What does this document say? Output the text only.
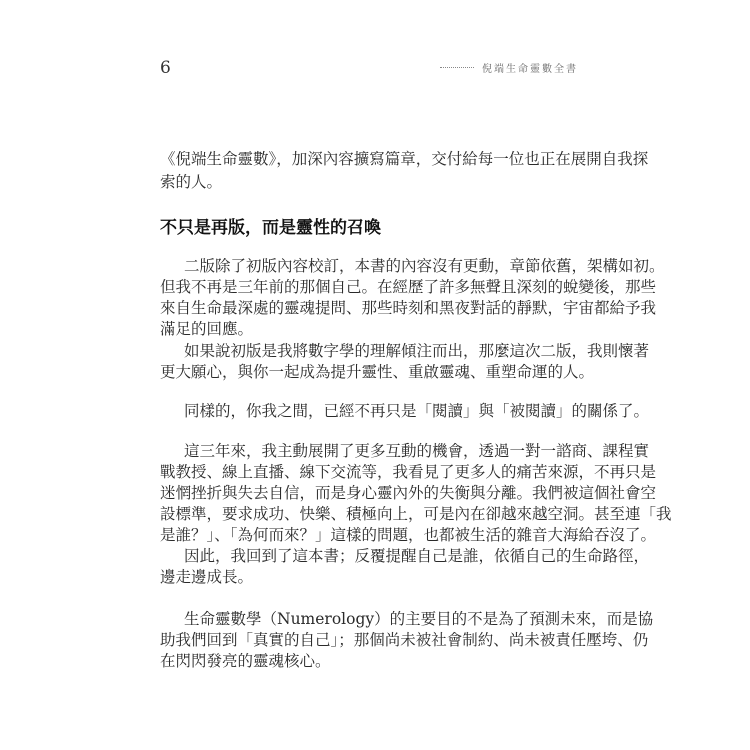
6	倪端生命靈數全書
《倪端生命靈數》，加深內容擴寫篇章，交付給每一位也正在展開自我探
索的人。
不只是再版，而是靈性的召喚
二版除了初版內容校訂，本書的內容沒有更動，章節依舊，架構如初。
但我不再是三年前的那個自己。在經歷了許多無聲且深刻的蛻變後，那些
來自生命最深處的靈魂提問、那些時刻和黑夜對話的靜默，宇宙都給予我
滿足的回應。
如果說初版是我將數字學的理解傾注而出，那麼這次二版，我則懷著
更大願心，與你一起成為提升靈性、重啟靈魂、重塑命運的人。
同樣的，你我之間，已經不再只是「閱讀」與「被閱讀」的關係了。
這三年來，我主動展開了更多互動的機會，透過一對一諮商、課程實
戰教授、線上直播、線下交流等，我看見了更多人的痛苦來源，不再只是
迷惘挫折與失去自信，而是身心靈內外的失衡與分離。我們被這個社會空
設標準，要求成功、快樂、積極向上，可是內在卻越來越空洞。甚至連「我
是誰？」、「為何而來？」這樣的問題，也都被生活的雜音大海給吞沒了。
因此，我回到了這本書；反覆提醒自己是誰，依循自己的生命路徑，
邊走邊成長。
生命靈數學（Numerology）的主要目的不是為了預測未來，而是協
助我們回到「真實的自己」；那個尚未被社會制約、尚未被責任壓垮、仍
在閃閃發亮的靈魂核心。
